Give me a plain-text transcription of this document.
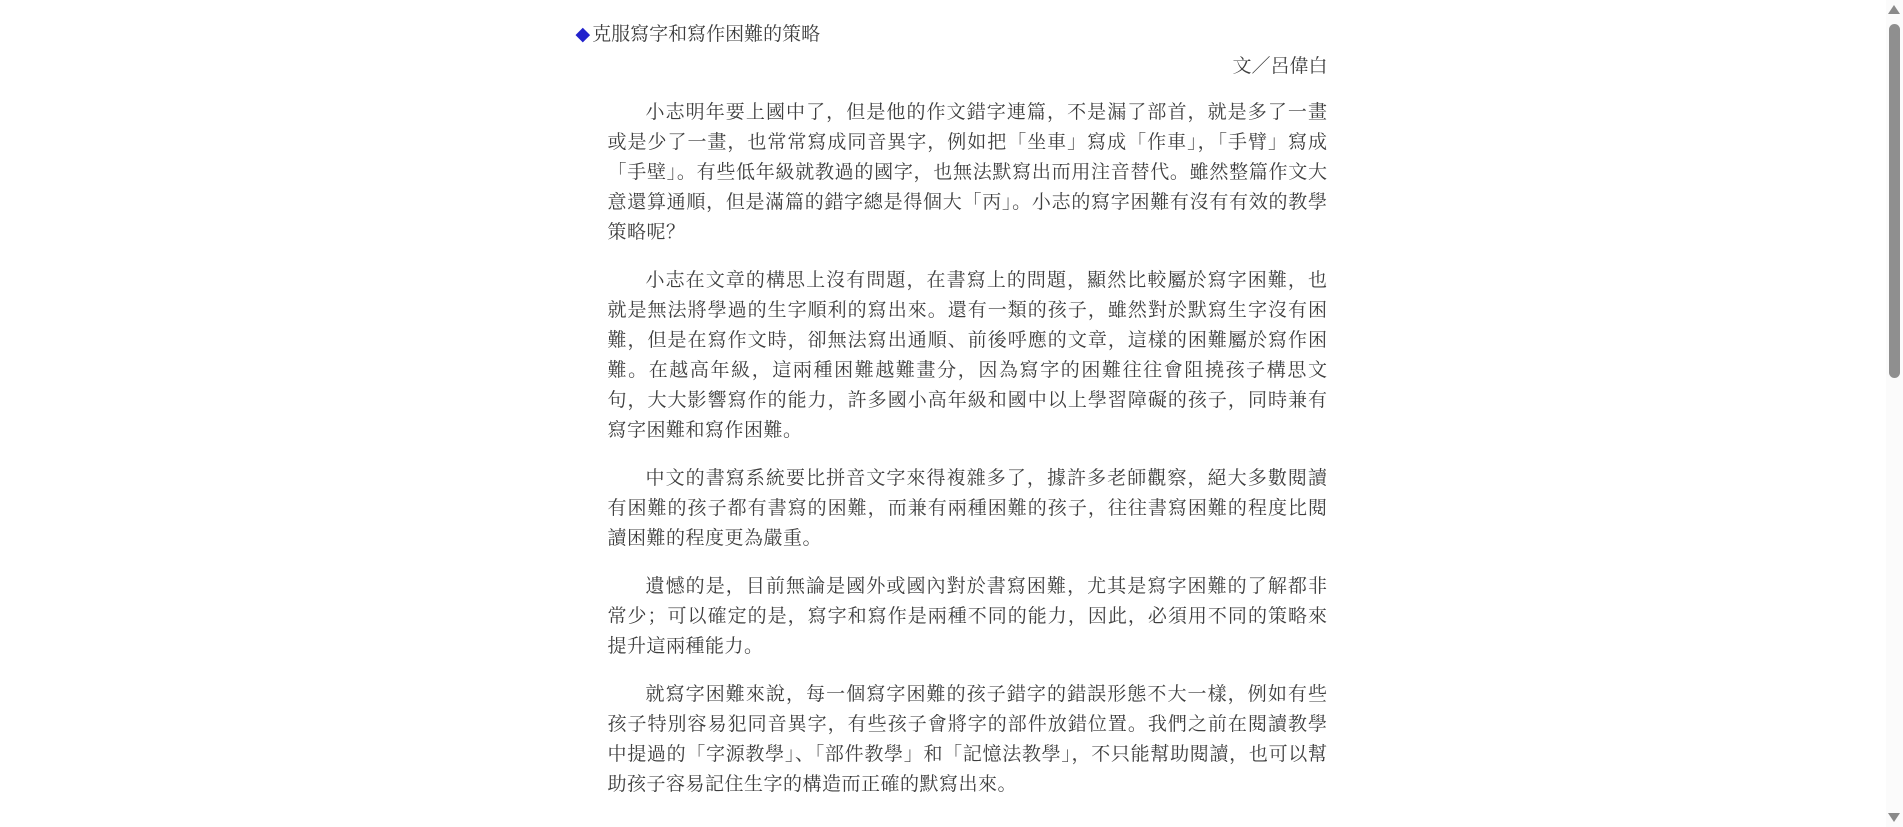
◆ 克服寫字和寫作困難的策略
文／呂偉白

小志明年要上國中了，但是他的作文錯字連篇，不是漏了部首，就是多了一畫或是少了一畫，也常常寫成同音異字，例如把「坐車」寫成「作車」，「手臂」寫成「手壁」。有些低年級就教過的國字，也無法默寫出而用注音替代。雖然整篇作文大意還算通順，但是滿篇的錯字總是得個大「丙」。小志的寫字困難有沒有有效的教學策略呢？

小志在文章的構思上沒有問題，在書寫上的問題，顯然比較屬於寫字困難，也就是無法將學過的生字順利的寫出來。還有一類的孩子，雖然對於默寫生字沒有困難，但是在寫作文時，卻無法寫出通順、前後呼應的文章，這樣的困難屬於寫作困難。在越高年級，這兩種困難越難畫分，因為寫字的困難往往會阻撓孩子構思文句，大大影響寫作的能力，許多國小高年級和國中以上學習障礙的孩子，同時兼有寫字困難和寫作困難。

中文的書寫系統要比拼音文字來得複雜多了，據許多老師觀察，絕大多數閱讀有困難的孩子都有書寫的困難，而兼有兩種困難的孩子，往往書寫困難的程度比閱讀困難的程度更為嚴重。

遺憾的是，目前無論是國外或國內對於書寫困難，尤其是寫字困難的了解都非常少；可以確定的是，寫字和寫作是兩種不同的能力，因此，必須用不同的策略來提升這兩種能力。

就寫字困難來說，每一個寫字困難的孩子錯字的錯誤形態不大一樣，例如有些孩子特別容易犯同音異字，有些孩子會將字的部件放錯位置。我們之前在閱讀教學中提過的「字源教學」、「部件教學」和「記憶法教學」，不只能幫助閱讀，也可以幫助孩子容易記住生字的構造而正確的默寫出來。
